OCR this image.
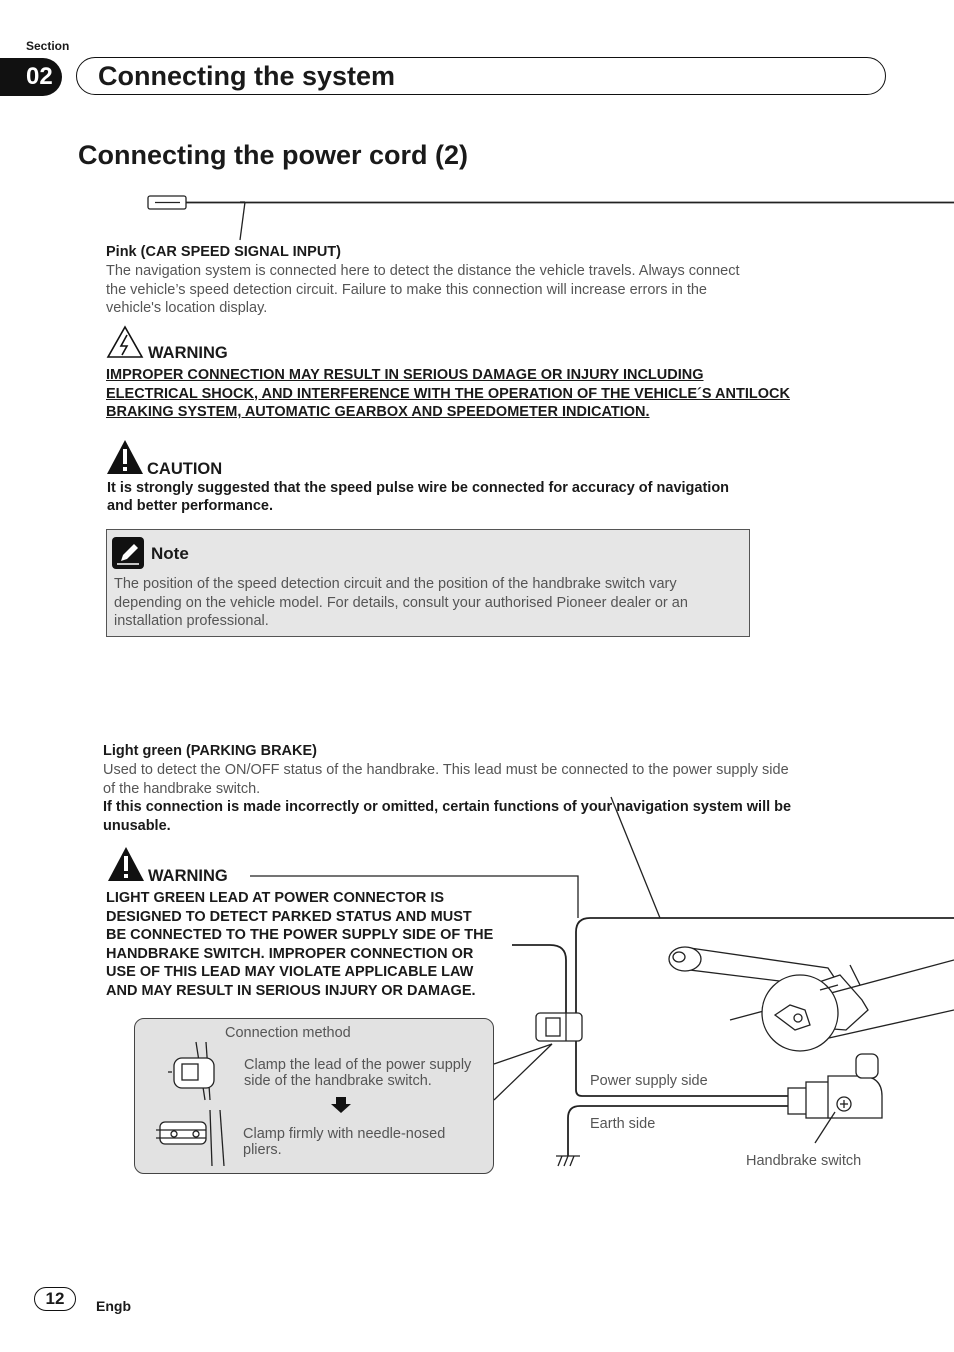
Section
02	Connecting the system
Connecting the power cord (2)
Pink (CAR SPEED SIGNAL INPUT)
The navigation system is connected here to detect the distance the vehicle travels. Always connect
the vehicle’s speed detection circuit. Failure to make this connection will increase errors in the
vehicle's location display.
WARNING
IMPROPER CONNECTION MAY RESULT IN SERIOUS DAMAGE OR INJURY INCLUDING
ELECTRICAL SHOCK, AND INTERFERENCE WITH THE OPERATION OF THE VEHICLE´S ANTILOCK
BRAKING SYSTEM, AUTOMATIC GEARBOX AND SPEEDOMETER INDICATION.
CAUTION
It is strongly suggested that the speed pulse wire be connected for accuracy of navigation
and better performance.
Note
The position of the speed detection circuit and the position of the handbrake switch vary
depending on the vehicle model. For details, consult your authorised Pioneer dealer or an
installation professional.
Light green (PARKING BRAKE)
Used to detect the ON/OFF status of the handbrake. This lead must be connected to the power supply side
of the handbrake switch.
If this connection is made incorrectly or omitted, certain functions of your navigation system will be
unusable.
WARNING
LIGHT GREEN LEAD AT POWER CONNECTOR IS
DESIGNED TO DETECT PARKED STATUS AND MUST
BE CONNECTED TO THE POWER SUPPLY SIDE OF THE
HANDBRAKE SWITCH. IMPROPER CONNECTION OR
USE OF THIS LEAD MAY VIOLATE APPLICABLE LAW
AND MAY RESULT IN SERIOUS INJURY OR DAMAGE.
Connection method
Clamp the lead of the power supply
side of the handbrake switch.
Clamp firmly with needle-nosed
pliers.
Power supply side
Earth side
Handbrake switch
12	Engb
